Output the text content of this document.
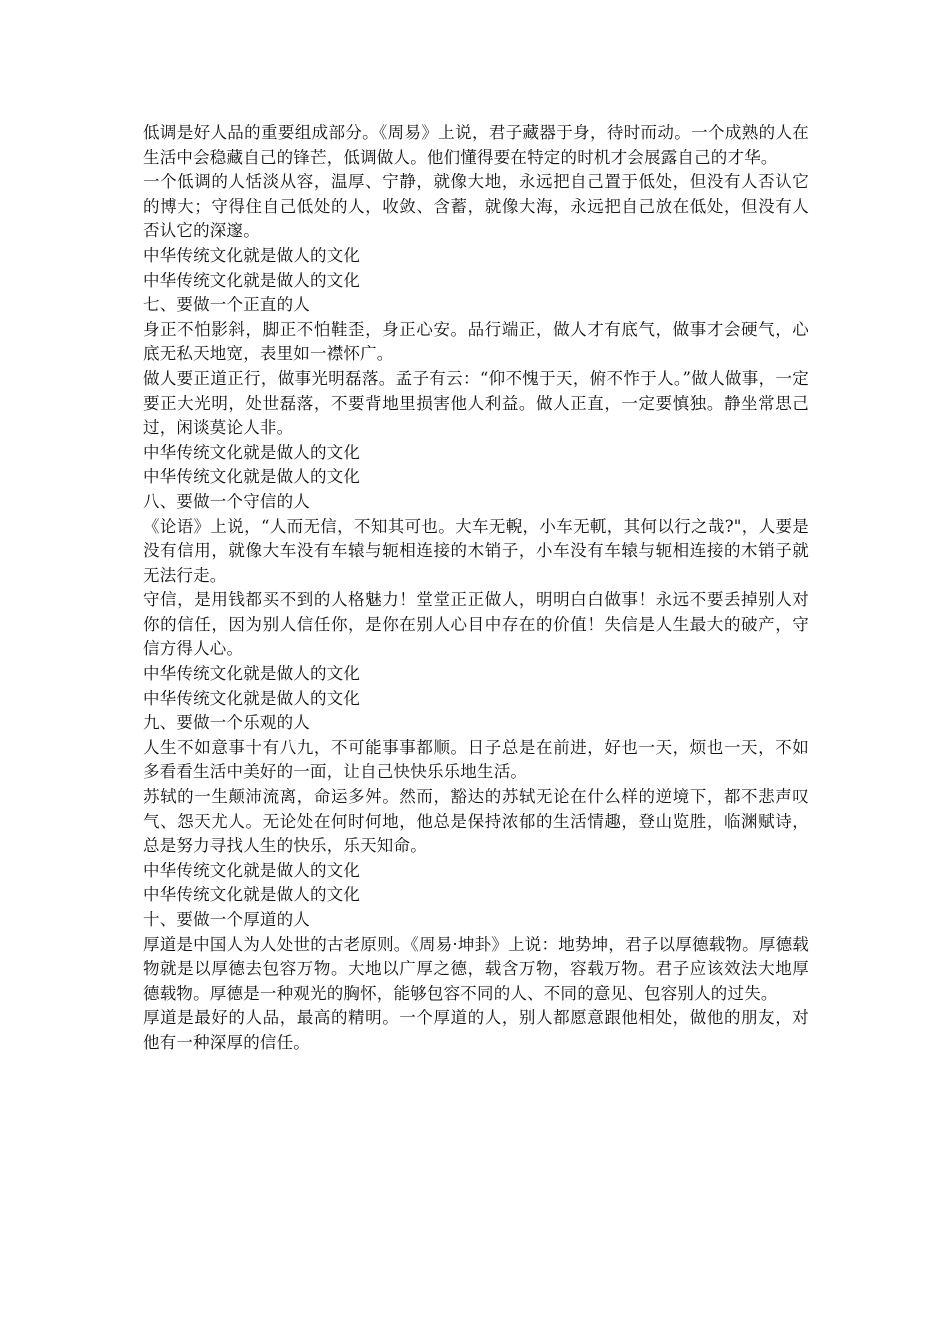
低调是好人品的重要组成部分。《周易》上说，君子藏器于身，待时而动。一个成熟的人在生活中会稳藏自己的锋芒，低调做人。他们懂得要在特定的时机才会展露自己的才华。

一个低调的人恬淡从容，温厚、宁静，就像大地，永远把自己置于低处，但没有人否认它的博大；守得住自己低处的人，收敛、含蓄，就像大海，永远把自己放在低处，但没有人否认它的深邃。

中华传统文化就是做人的文化

中华传统文化就是做人的文化

七、要做一个正直的人

身正不怕影斜，脚正不怕鞋歪，身正心安。品行端正，做人才有底气，做事才会硬气，心底无私天地宽，表里如一襟怀广。

做人要正道正行，做事光明磊落。孟子有云：“仰不愧于天，俯不怍于人。”做人做事，一定要正大光明，处世磊落，不要背地里损害他人利益。做人正直，一定要慎独。静坐常思己过，闲谈莫论人非。

中华传统文化就是做人的文化

中华传统文化就是做人的文化

八、要做一个守信的人

《论语》上说，“人而无信，不知其可也。大车无輗，小车无軏，其何以行之哉?"，人要是没有信用，就像大车没有车辕与轭相连接的木销子，小车没有车辕与轭相连接的木销子就无法行走。

守信，是用钱都买不到的人格魅力！堂堂正正做人，明明白白做事！永远不要丢掉别人对你的信任，因为别人信任你，是你在别人心目中存在的价值！失信是人生最大的破产，守信方得人心。

中华传统文化就是做人的文化

中华传统文化就是做人的文化

九、要做一个乐观的人

人生不如意事十有八九，不可能事事都顺。日子总是在前进，好也一天，烦也一天，不如多看看生活中美好的一面，让自己快快乐乐地生活。

苏轼的一生颠沛流离，命运多舛。然而，豁达的苏轼无论在什么样的逆境下，都不悲声叹气、怨天尤人。无论处在何时何地，他总是保持浓郁的生活情趣，登山览胜，临渊赋诗，总是努力寻找人生的快乐，乐天知命。

中华传统文化就是做人的文化

中华传统文化就是做人的文化

十、要做一个厚道的人

厚道是中国人为人处世的古老原则。《周易·坤卦》上说：地势坤，君子以厚德载物。厚德载物就是以厚德去包容万物。大地以广厚之德，载含万物，容载万物。君子应该效法大地厚德载物。厚德是一种观光的胸怀，能够包容不同的人、不同的意见、包容别人的过失。

厚道是最好的人品，最高的精明。一个厚道的人，别人都愿意跟他相处，做他的朋友，对他有一种深厚的信任。
